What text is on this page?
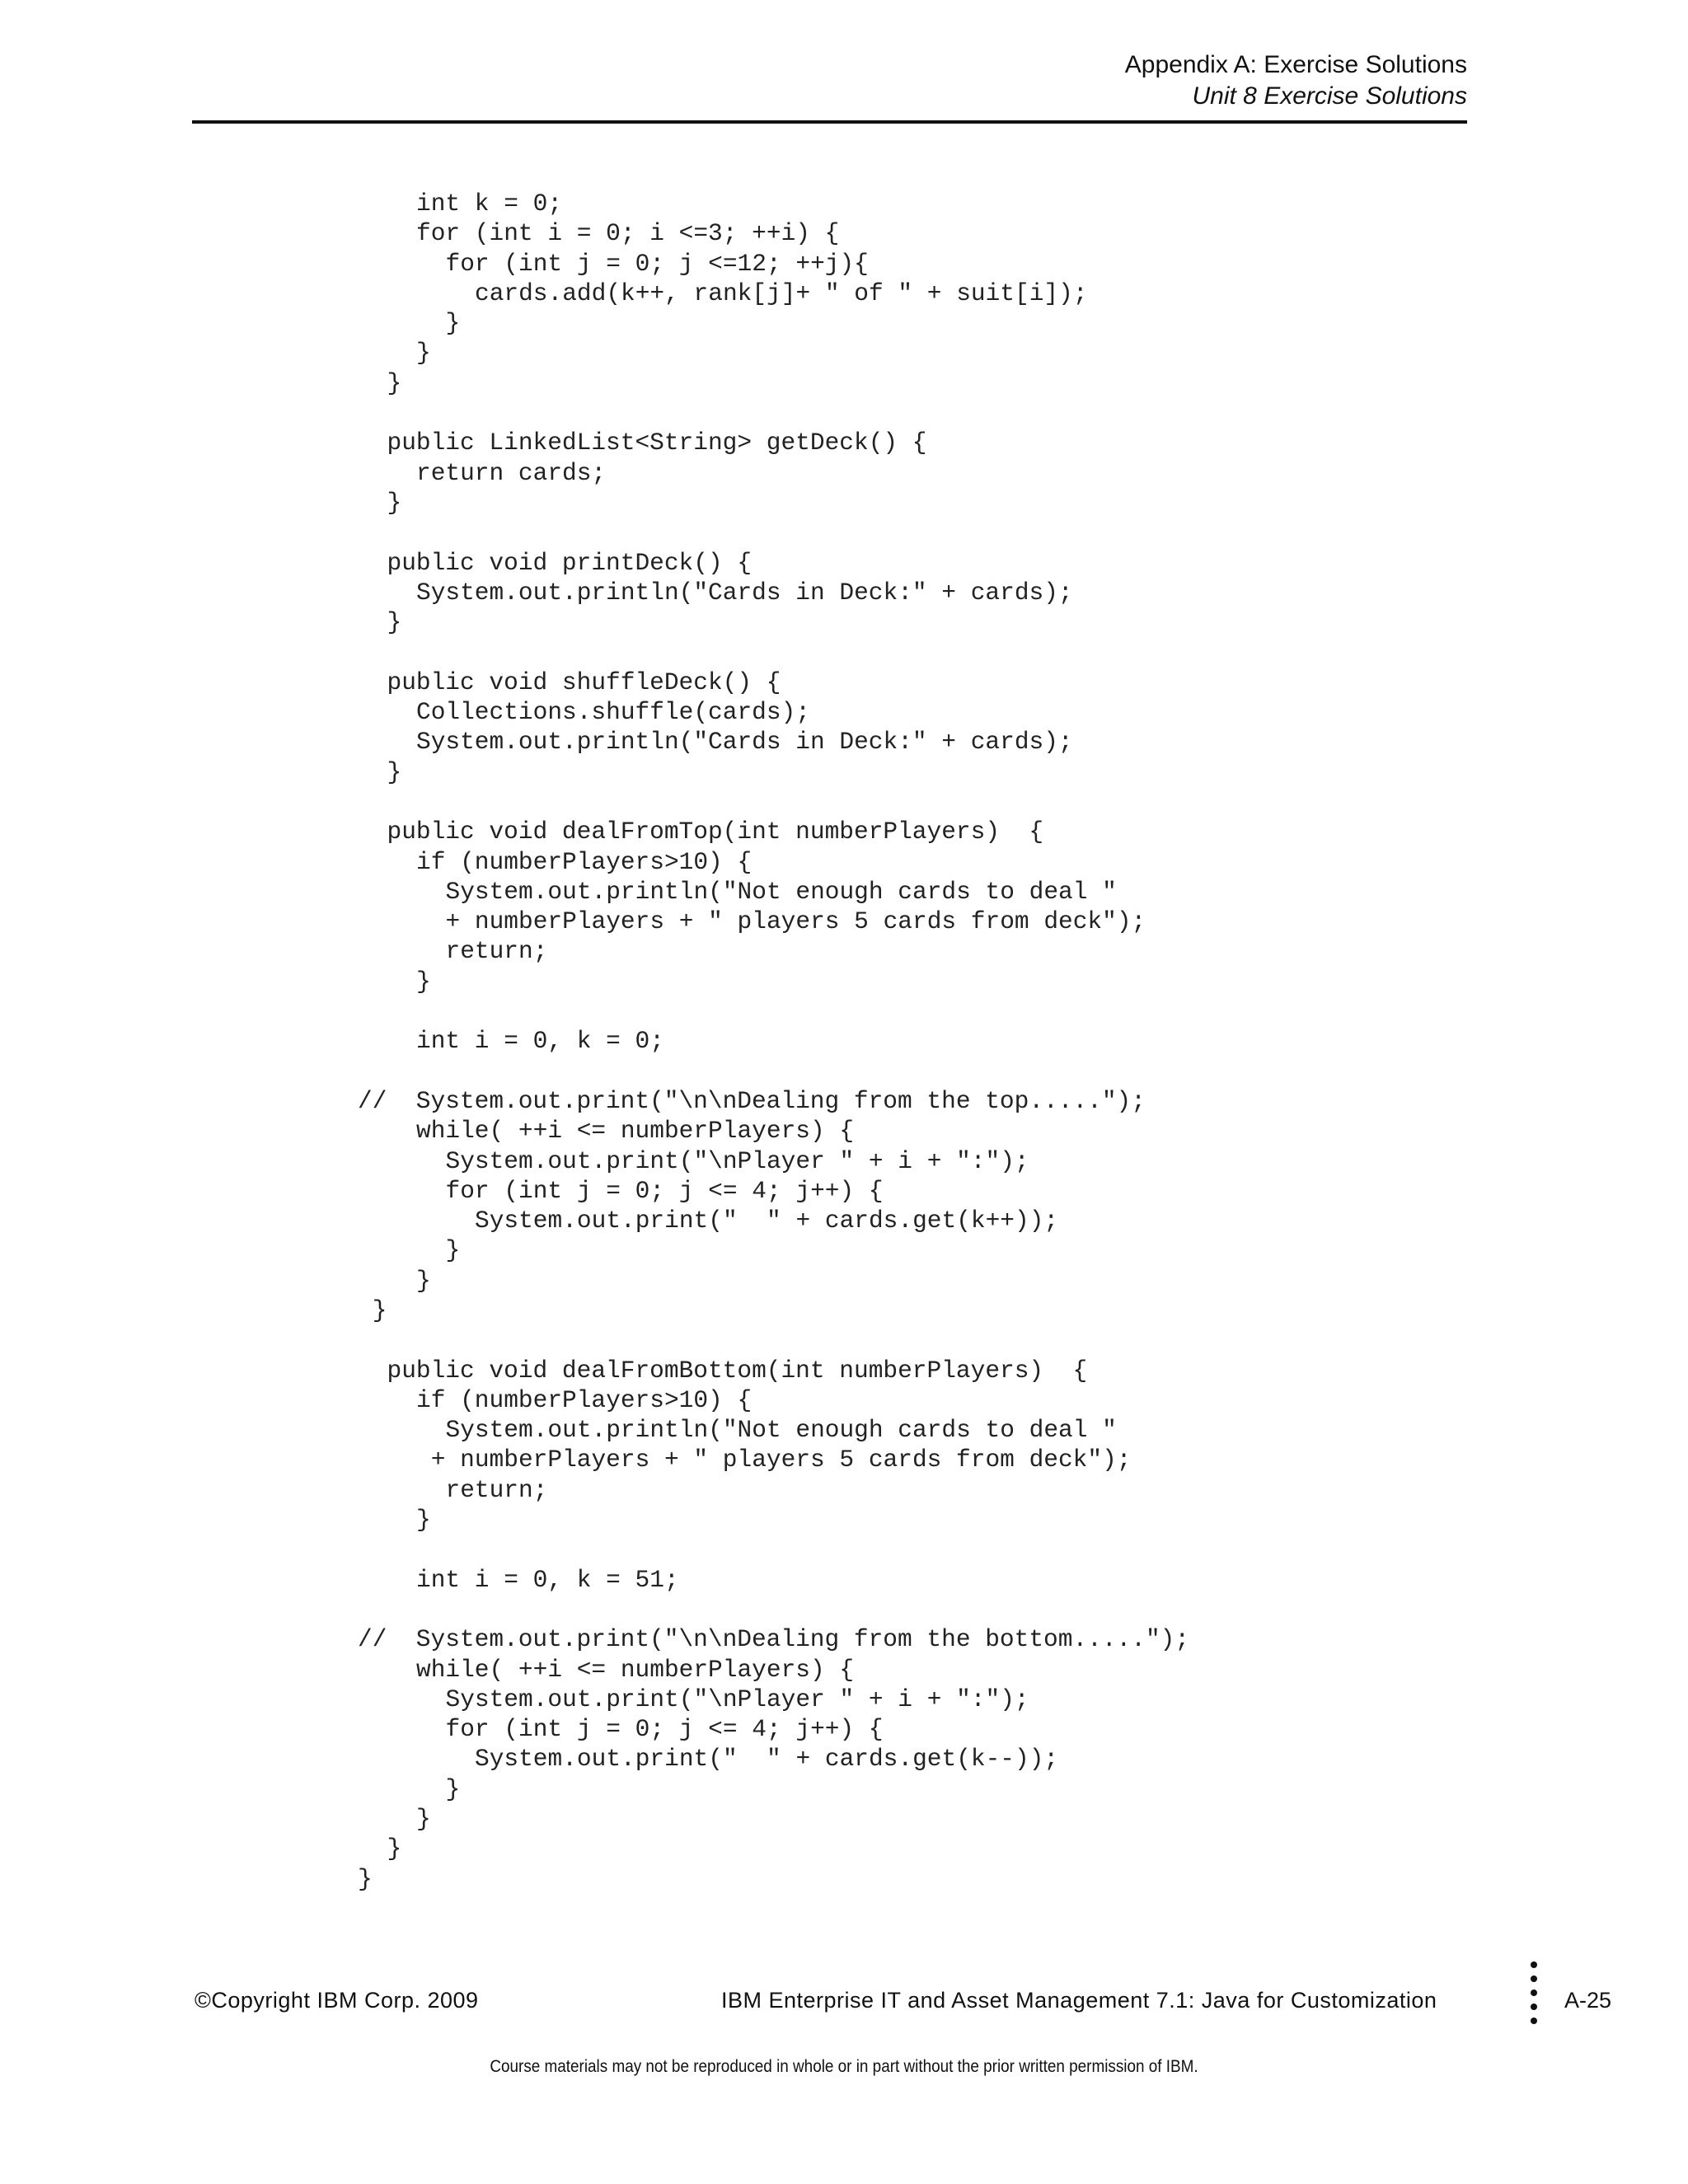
Appendix A: Exercise Solutions
Unit 8 Exercise Solutions
int k = 0;
for (int i = 0; i <=3; ++i) {
for (int j = 0; j <=12; ++j){
cards.add(k++, rank[j]+ " of " + suit[i]);
}
}
}
public LinkedList<String> getDeck() {
return cards;
}
public void printDeck() {
System.out.println("Cards in Deck:" + cards);
}
public void shuffleDeck() {
Collections.shuffle(cards);
System.out.println("Cards in Deck:" + cards);
}
public void dealFromTop(int numberPlayers)  {
if (numberPlayers>10) {
System.out.println("Not enough cards to deal "
+ numberPlayers + " players 5 cards from deck");
return;
}
int i = 0, k = 0;
//  System.out.print("\n\nDealing from the top.....");
while( ++i <= numberPlayers) {
System.out.print("\nPlayer " + i + ":");
for (int j = 0; j <= 4; j++) {
System.out.print("  " + cards.get(k++));
}
}
}
public void dealFromBottom(int numberPlayers)  {
if (numberPlayers>10) {
System.out.println("Not enough cards to deal "
+ numberPlayers + " players 5 cards from deck");
return;
}
int i = 0, k = 51;
//  System.out.print("\n\nDealing from the bottom.....");
while( ++i <= numberPlayers) {
System.out.print("\nPlayer " + i + ":");
for (int j = 0; j <= 4; j++) {
System.out.print("  " + cards.get(k--));
}
}
}
}
©Copyright IBM Corp. 2009	IBM Enterprise IT and Asset Management 7.1: Java for Customization	A-25
Course materials may not be reproduced in whole or in part without the prior written permission of IBM.
